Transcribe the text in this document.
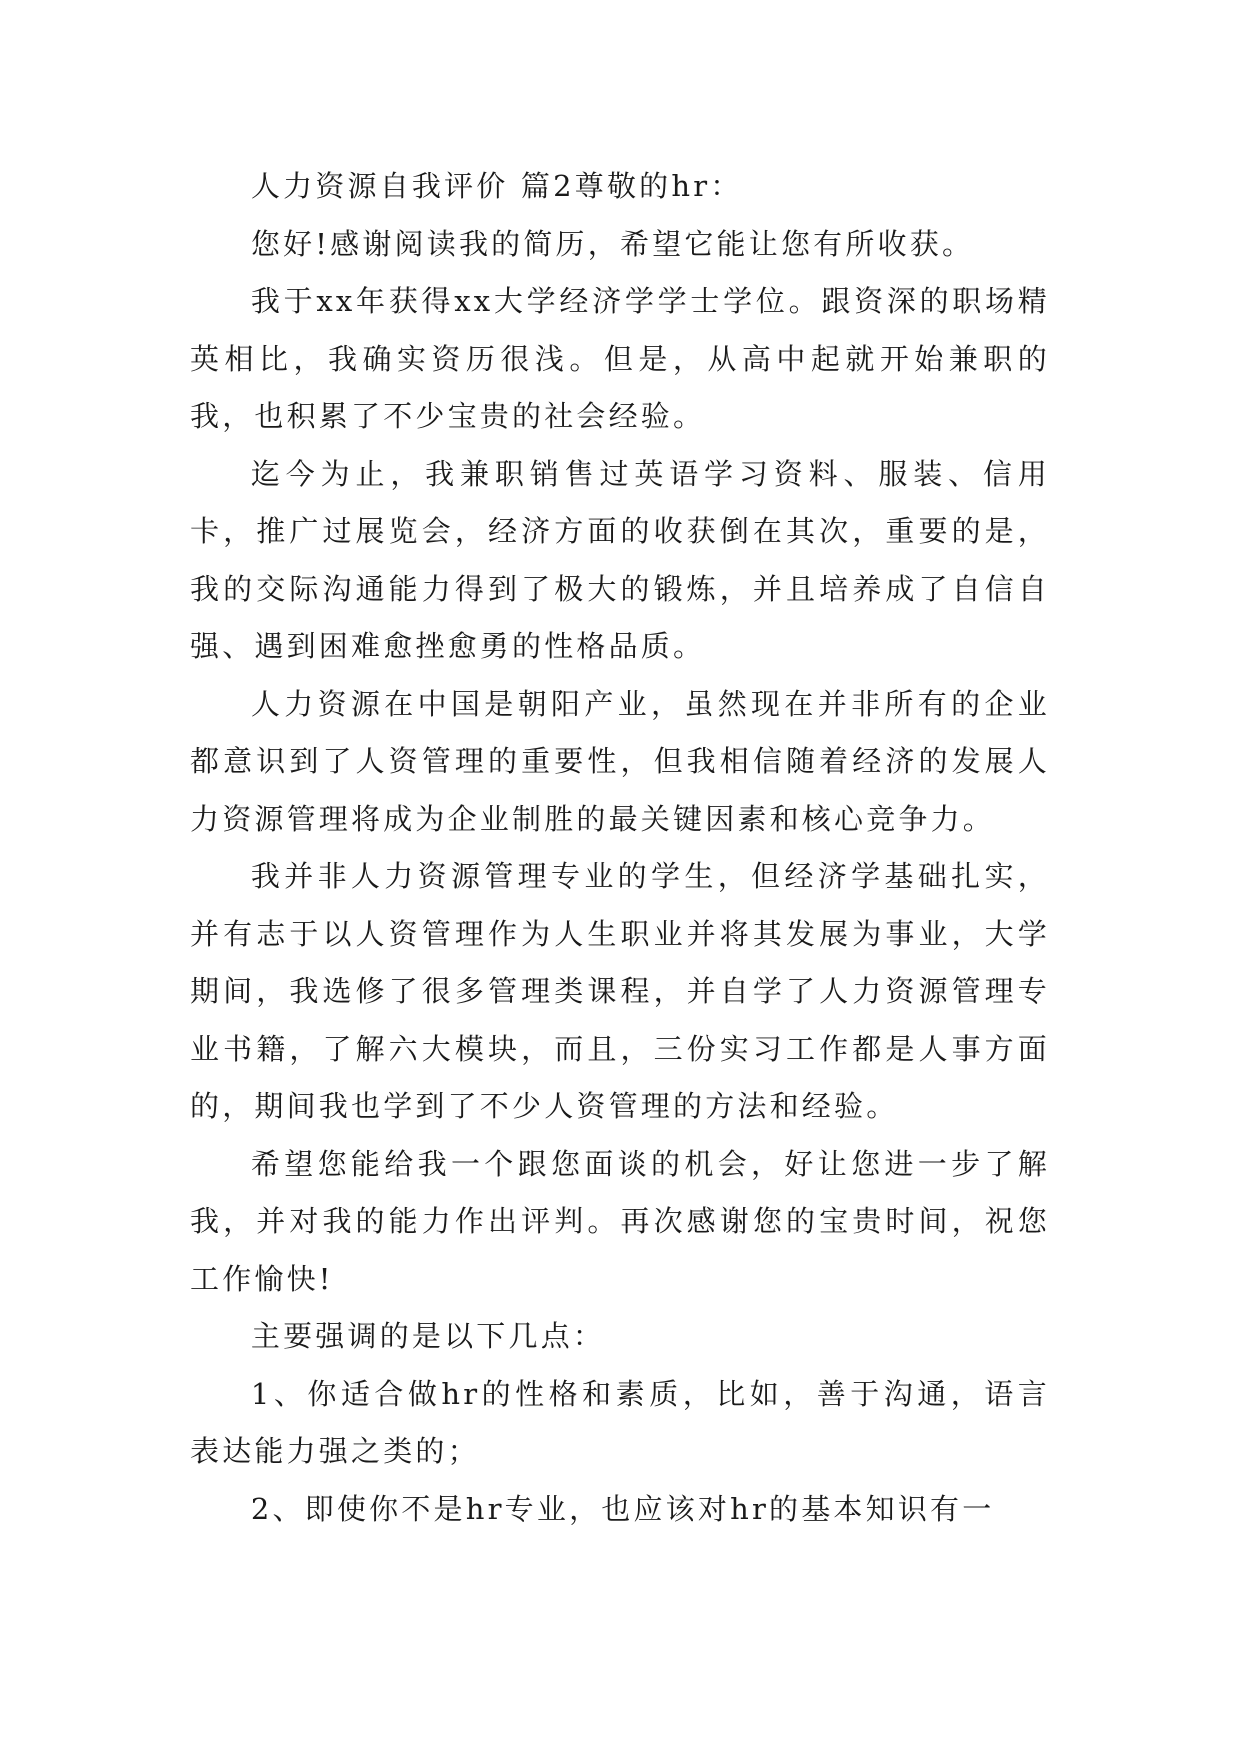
人力资源自我评价 篇2尊敬的hr：

您好!感谢阅读我的简历，希望它能让您有所收获。

我于xx年获得xx大学经济学学士学位。跟资深的职场精英相比，我确实资历很浅。但是，从高中起就开始兼职的我，也积累了不少宝贵的社会经验。

迄今为止，我兼职销售过英语学习资料、服装、信用卡，推广过展览会，经济方面的收获倒在其次，重要的是，我的交际沟通能力得到了极大的锻炼，并且培养成了自信自强、遇到困难愈挫愈勇的性格品质。

人力资源在中国是朝阳产业，虽然现在并非所有的企业都意识到了人资管理的重要性，但我相信随着经济的发展人力资源管理将成为企业制胜的最关键因素和核心竞争力。

我并非人力资源管理专业的学生，但经济学基础扎实，并有志于以人资管理作为人生职业并将其发展为事业，大学期间，我选修了很多管理类课程，并自学了人力资源管理专业书籍，了解六大模块，而且，三份实习工作都是人事方面的，期间我也学到了不少人资管理的方法和经验。

希望您能给我一个跟您面谈的机会，好让您进一步了解我，并对我的能力作出评判。再次感谢您的宝贵时间，祝您工作愉快!

主要强调的是以下几点：

1、你适合做hr的性格和素质，比如，善于沟通，语言表达能力强之类的；

2、即使你不是hr专业，也应该对hr的基本知识有一
